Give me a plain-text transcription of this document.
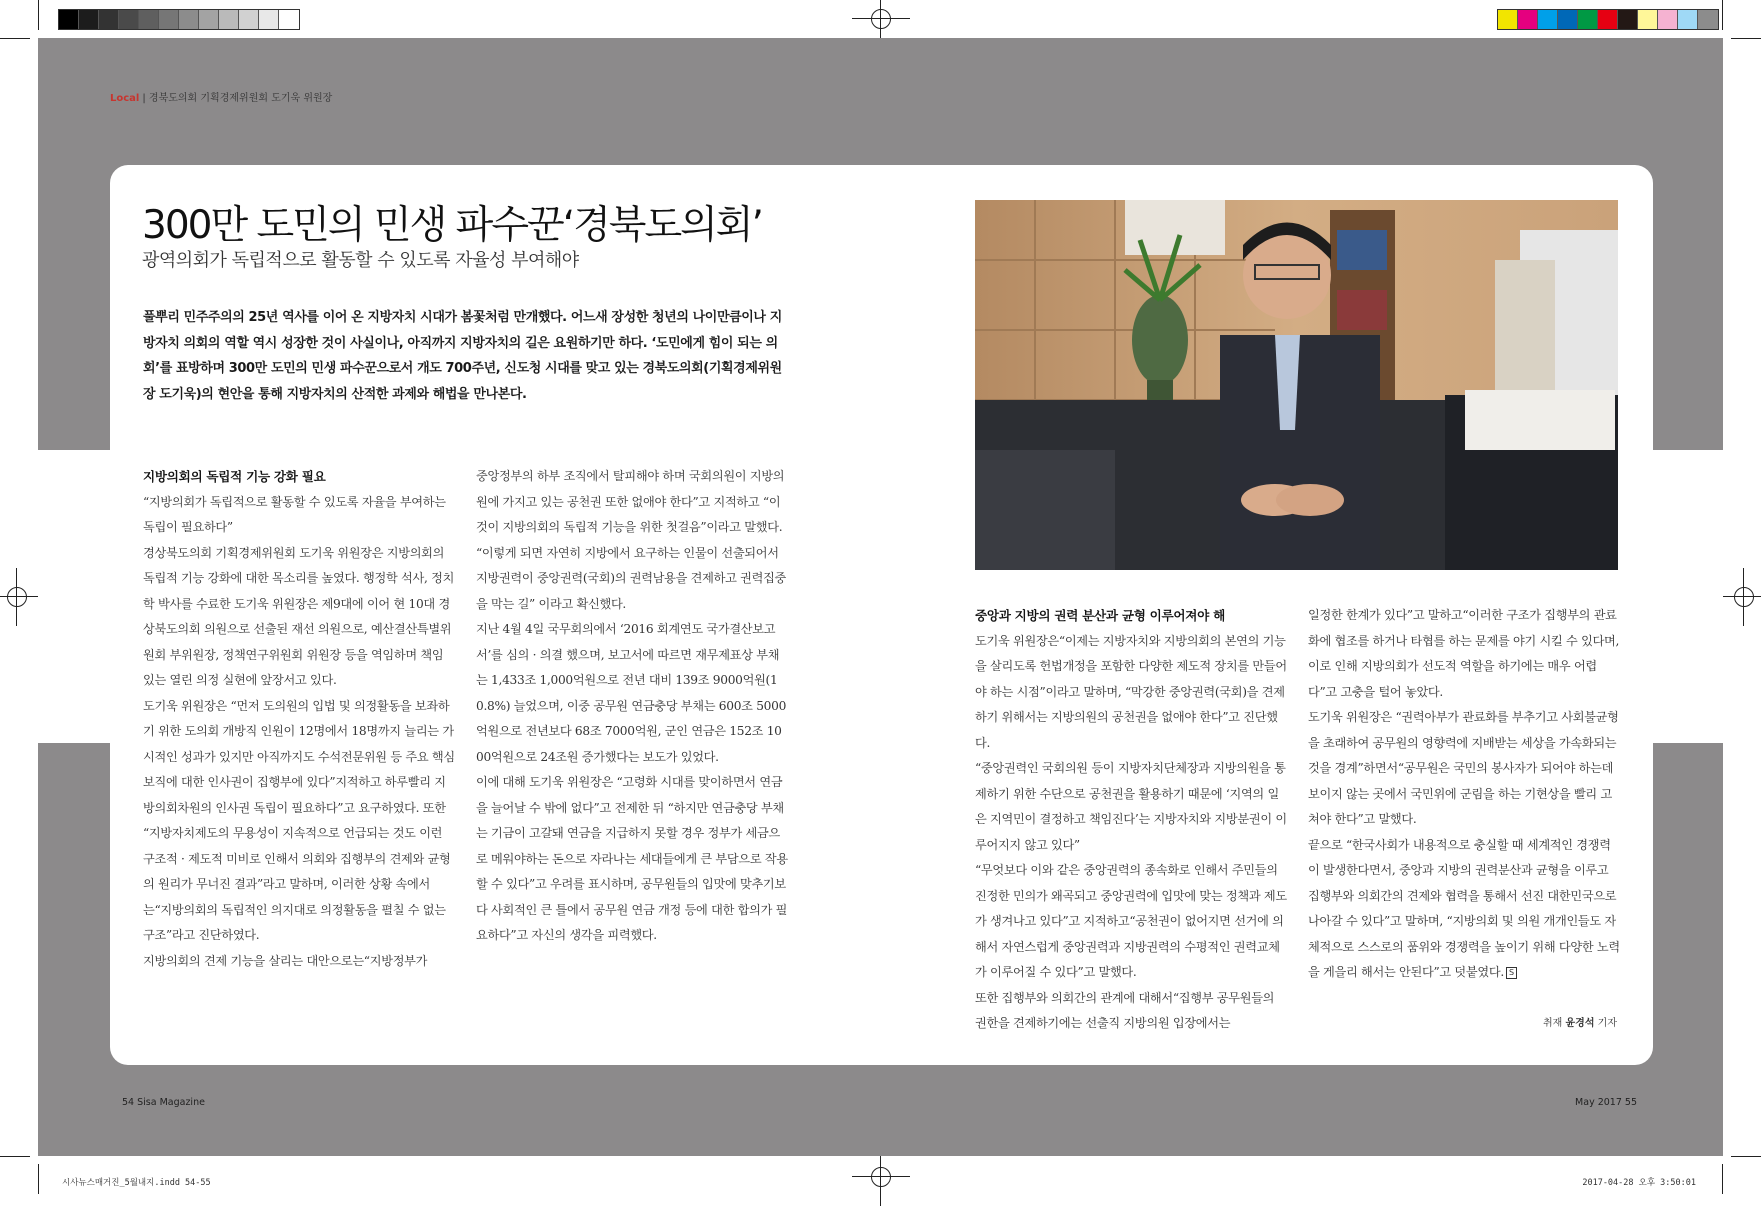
Local | 경북도의회 기획경제위원회 도기욱 위원장
300만 도민의 민생 파수꾼‘경북도의회’
광역의회가 독립적으로 활동할 수 있도록 자율성 부여해야

풀뿌리 민주주의의 25년 역사를 이어 온 지방자치 시대가 봄꽃처럼 만개했다. 어느새 장성한 청년의 나이만큼이나 지방자치 의회의 역할 역시 성장한 것이 사실이나, 아직까지 지방자치의 길은 요원하기만 하다. ‘도민에게 힘이 되는 의회’를 표방하며 300만 도민의 민생 파수꾼으로서 개도 700주년, 신도청 시대를 맞고 있는 경북도의회(기획경제위원장 도기욱)의 현안을 통해 지방자치의 산적한 과제와 해법을 만나본다.

지방의회의 독립적 기능 강화 필요

“지방의회가 독립적으로 활동할 수 있도록 자율을 부여하는 독립이 필요하다”

경상북도의회 기획경제위원회 도기욱 위원장은 지방의회의 독립적 기능 강화에 대한 목소리를 높였다. 행정학 석사, 정치학 박사를 수료한 도기욱 위원장은 제9대에 이어 현 10대 경상북도의회 의원으로 선출된 재선 의원으로, 예산결산특별위원회 부위원장, 정책연구위원회 위원장 등을 역임하며 책임 있는 열린 의정 실현에 앞장서고 있다.

도기욱 위원장은 “먼저 도의원의 입법 및 의정활동을 보좌하기 위한 도의회 개방직 인원이 12명에서 18명까지 늘리는 가시적인 성과가 있지만 아직까지도 수석전문위원 등 주요 핵심 보직에 대한 인사권이 집행부에 있다”지적하고 하루빨리 지방의회차원의 인사권 독립이 필요하다”고 요구하였다. 또한 “지방자치제도의 무용성이 지속적으로 언급되는 것도 이런 구조적 · 제도적 미비로 인해서 의회와 집행부의 견제와 균형의 원리가 무너진 결과”라고 말하며, 이러한 상황 속에서는“지방의회의 독립적인 의지대로 의정활동을 펼칠 수 없는 구조”라고 진단하였다.

지방의회의 견제 기능을 살리는 대안으로는“지방정부가

중앙정부의 하부 조직에서 탈피해야 하며 국회의원이 지방의원에 가지고 있는 공천권 또한 없애야 한다”고 지적하고 “이것이 지방의회의 독립적 기능을 위한 첫걸음”이라고 말했다.

“이렇게 되면 자연히 지방에서 요구하는 인물이 선출되어서 지방권력이 중앙권력(국회)의 권력남용을 견제하고 권력집중을 막는 길” 이라고 확신했다.

지난 4월 4일 국무회의에서 ‘2016 회계연도 국가결산보고서’를 심의 · 의결 했으며, 보고서에 따르면 재무제표상 부채는 1,433조 1,000억원으로 전년 대비 139조 9000억원(10.8%) 늘었으며, 이중 공무원 연금충당 부채는 600조 5000억원으로 전년보다 68조 7000억원, 군인 연금은 152조 1000억원으로 24조원 증가했다는 보도가 있었다.

이에 대해 도기욱 위원장은 “고령화 시대를 맞이하면서 연금을 늘어날 수 밖에 없다”고 전제한 뒤 “하지만 연금충당 부채는 기금이 고갈돼 연금을 지급하지 못할 경우 정부가 세금으로 메워야하는 돈으로 자라나는 세대들에게 큰 부담으로 작용할 수 있다”고 우려를 표시하며, 공무원들의 입맛에 맞추기보다 사회적인 큰 틀에서 공무원 연금 개정 등에 대한 합의가 필요하다”고 자신의 생각을 피력했다.

중앙과 지방의 권력 분산과 균형 이루어져야 해

도기욱 위원장은“이제는 지방자치와 지방의회의 본연의 기능을 살리도록 헌법개정을 포함한 다양한 제도적 장치를 만들어야 하는 시점”이라고 말하며, “막강한 중앙권력(국회)을 견제하기 위해서는 지방의원의 공천권을 없애야 한다”고 진단했다.

“중앙권력인 국회의원 등이 지방자치단체장과 지방의원을 통제하기 위한 수단으로 공천권을 활용하기 때문에 ‘지역의 일은 지역민이 결정하고 책임진다’는 지방자치와 지방분권이 이루어지지 않고 있다”

“무엇보다 이와 같은 중앙권력의 종속화로 인해서 주민들의 진정한 민의가 왜곡되고 중앙권력에 입맛에 맞는 정책과 제도가 생겨나고 있다”고 지적하고“공천권이 없어지면 선거에 의해서 자연스럽게 중앙권력과 지방권력의 수평적인 권력교체가 이루어질 수 있다”고 말했다.

또한 집행부와 의회간의 관계에 대해서“집행부 공무원들의 권한을 견제하기에는 선출직 지방의원 입장에서는

일정한 한계가 있다”고 말하고“이러한 구조가 집행부의 관료화에 협조를 하거나 타협를 하는 문제를 야기 시킬 수 있다며, 이로 인해 지방의회가 선도적 역할을 하기에는 매우 어렵다”고 고충을 털어 놓았다.

도기욱 위원장은 “권력아부가 관료화를 부추기고 사회불균형을 초래하여 공무원의 영향력에 지배받는 세상을 가속화되는 것을 경계”하면서“공무원은 국민의 봉사자가 되어야 하는데 보이지 않는 곳에서 국민위에 군림을 하는 기현상을 빨리 고쳐야 한다”고 말했다.

끝으로 “한국사회가 내용적으로 충실할 때 세계적인 경쟁력이 발생한다면서, 중앙과 지방의 권력분산과 균형을 이루고 집행부와 의회간의 견제와 협력을 통해서 선진 대한민국으로 나아갈 수 있다”고 말하며, “지방의회 및 의원 개개인들도 자체적으로 스스로의 품위와 경쟁력을 높이기 위해 다양한 노력을 게을리 해서는 안된다”고 덧붙였다. S

취재 윤경석 기자
54 Sisa Magazine	May 2017 55
시사뉴스매거진_5월내지.indd 54-55	2017-04-28 오후 3:50:01
